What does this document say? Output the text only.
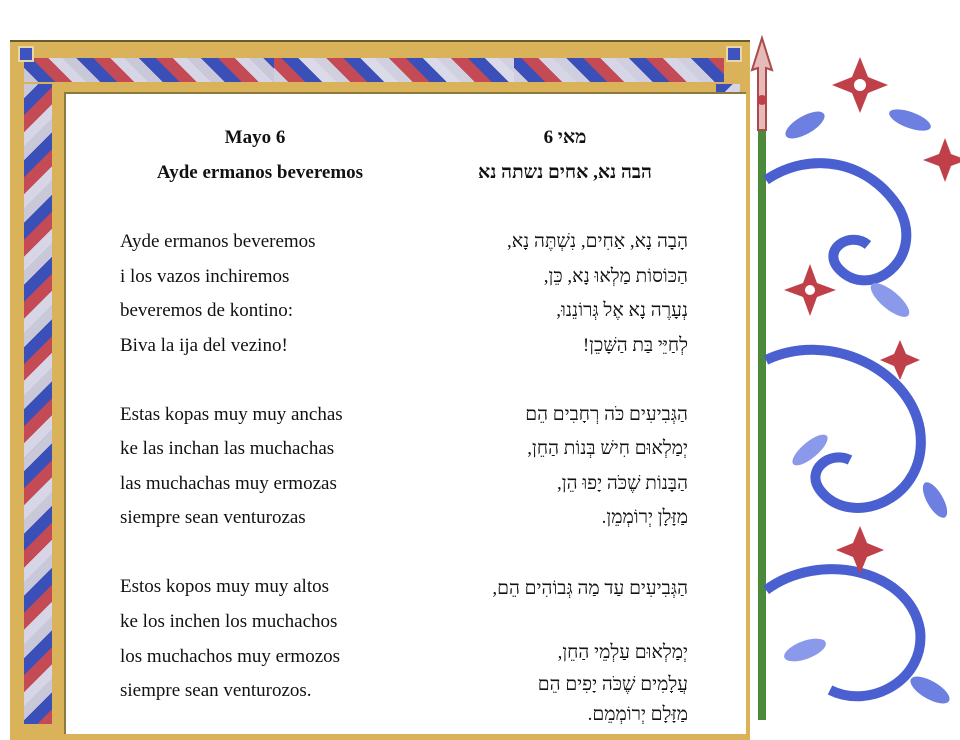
Mayo 6	מאי 6
Ayde ermanos beveremos	הבה נא, אחים נשתה נא
Ayde ermanos beveremos
i los vazos inchiremos
beveremos de kontino:
Biva la ija del vezino!
Estas kopas muy muy anchas
ke las inchan las muchachas
las muchachas muy ermozas
siempre sean venturozas
Estos kopos muy muy altos
ke los inchen los muchachos
los muchachos muy ermozos
siempre sean venturozos.
הָבָה נָא, אַחִים, נִשְׁתֶּה נָא,
הַכּוֹסוֹת מַלְאוּ נָא, כֵּן,
נְעָרֶה נָא אֶל גְּרוֹנֵנוּ,
לְחַיֵּי בַּת הַשָּׁכֵן!
הַגְּבִיעִים כֹּה רְחָבִים הֵם
יְמַלְאוּם חִישׁ בְּנוֹת הַחֵן,
הַבָּנוֹת שֶׁכֹּה יָפוּ הֵן,
מַזָּלָן יְרוֹמְמֵן.
הַגְּבִיעִים עַד מַה גְּבוֹהִים הֵם,
יְמַלְאוּם עַלְמֵי הַחֵן,
עֲלָמִים שֶׁכֹּה יָפִים הֵם
מַזָּלָם יְרוֹמְמֵם.
